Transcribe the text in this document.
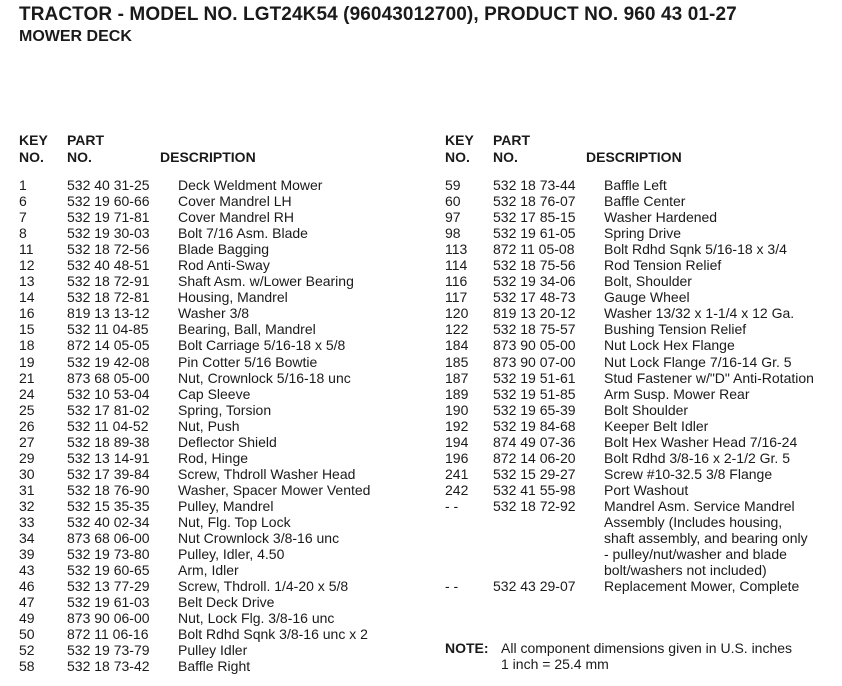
TRACTOR - MODEL NO. LGT24K54 (96043012700), PRODUCT NO. 960 43 01-27
MOWER DECK
KEY
NO.
PART
NO.	DESCRIPTION
1	532 40 31-25 Deck Weldment Mower
6	532 19 60-66 Cover Mandrel LH
7	532 19 71-81 Cover Mandrel RH
8	532 19 30-03 Bolt 7/16 Asm. Blade
11 532 18 72-56 Blade Bagging
12 532 40 48-51 Rod Anti-Sway
13 532 18 72-91 Shaft Asm. w/Lower Bearing
14 532 18 72-81 Housing, Mandrel
16 819 13 13-12 Washer 3/8
15 532 11 04-85 Bearing, Ball, Mandrel
18 872 14 05-05 Bolt Carriage 5/16-18 x 5/8
19 532 19 42-08 Pin Cotter 5/16 Bowtie
21 873 68 05-00 Nut, Crownlock 5/16-18 unc
24 532 10 53-04 Cap Sleeve
25 532 17 81-02 Spring, Torsion
26 532 11 04-52 Nut, Push
27 532 18 89-38 Deflector Shield
29 532 13 14-91 Rod, Hinge
30 532 17 39-84 Screw, Thdroll Washer Head
31 532 18 76-90 Washer, Spacer Mower Vented
32 532 15 35-35 Pulley, Mandrel
33 532 40 02-34 Nut, Flg. Top Lock
34 873 68 06-00 Nut Crownlock 3/8-16 unc
39 532 19 73-80 Pulley, Idler, 4.50
43 532 19 60-65 Arm, Idler
46 532 13 77-29 Screw, Thdroll. 1/4-20 x 5/8
47 532 19 61-03 Belt Deck Drive
49 873 90 06-00 Nut, Lock Flg. 3/8-16 unc
50 872 11 06-16 Bolt Rdhd Sqnk 3/8-16 unc x 2
52 532 19 73-79 Pulley Idler
58 532 18 73-42 Baffle Right
KEY
NO.
PART
NO.	DESCRIPTION
59 532 18 73-44 Baffle Left
60 532 18 76-07 Baffle Center
97 532 17 85-15 Washer Hardened
98 532 19 61-05 Spring Drive
113 872 11 05-08 Bolt Rdhd Sqnk 5/16-18 x 3/4
114 532 18 75-56 Rod Tension Relief
116 532 19 34-06 Bolt, Shoulder
117 532 17 48-73 Gauge Wheel
120 819 13 20-12 Washer 13/32 x 1-1/4 x 12 Ga.
122 532 18 75-57 Bushing Tension Relief
184 873 90 05-00 Nut Lock Hex Flange
185 873 90 07-00 Nut Lock Flange 7/16-14 Gr. 5
187 532 19 51-61 Stud Fastener w/"D" Anti-Rotation
189 532 19 51-85 Arm Susp. Mower Rear
190 532 19 65-39 Bolt Shoulder
192 532 19 84-68 Keeper Belt Idler
194 874 49 07-36 Bolt Hex Washer Head 7/16-24
196 872 14 06-20 Bolt Rdhd 3/8-16 x 2-1/2 Gr. 5
241 532 15 29-27 Screw #10-32.5 3/8 Flange
242 532 41 55-98 Port Washout
- - 532 18 72-92 Mandrel Asm. Service Mandrel
Assembly (Includes housing,
shaft assembly, and bearing only
- pulley/nut/washer and blade
bolt/washers not included)
- - 532 43 29-07 Replacement Mower, Complete
NOTE: All component dimensions given in U.S. inches
1 inch = 25.4 mm
